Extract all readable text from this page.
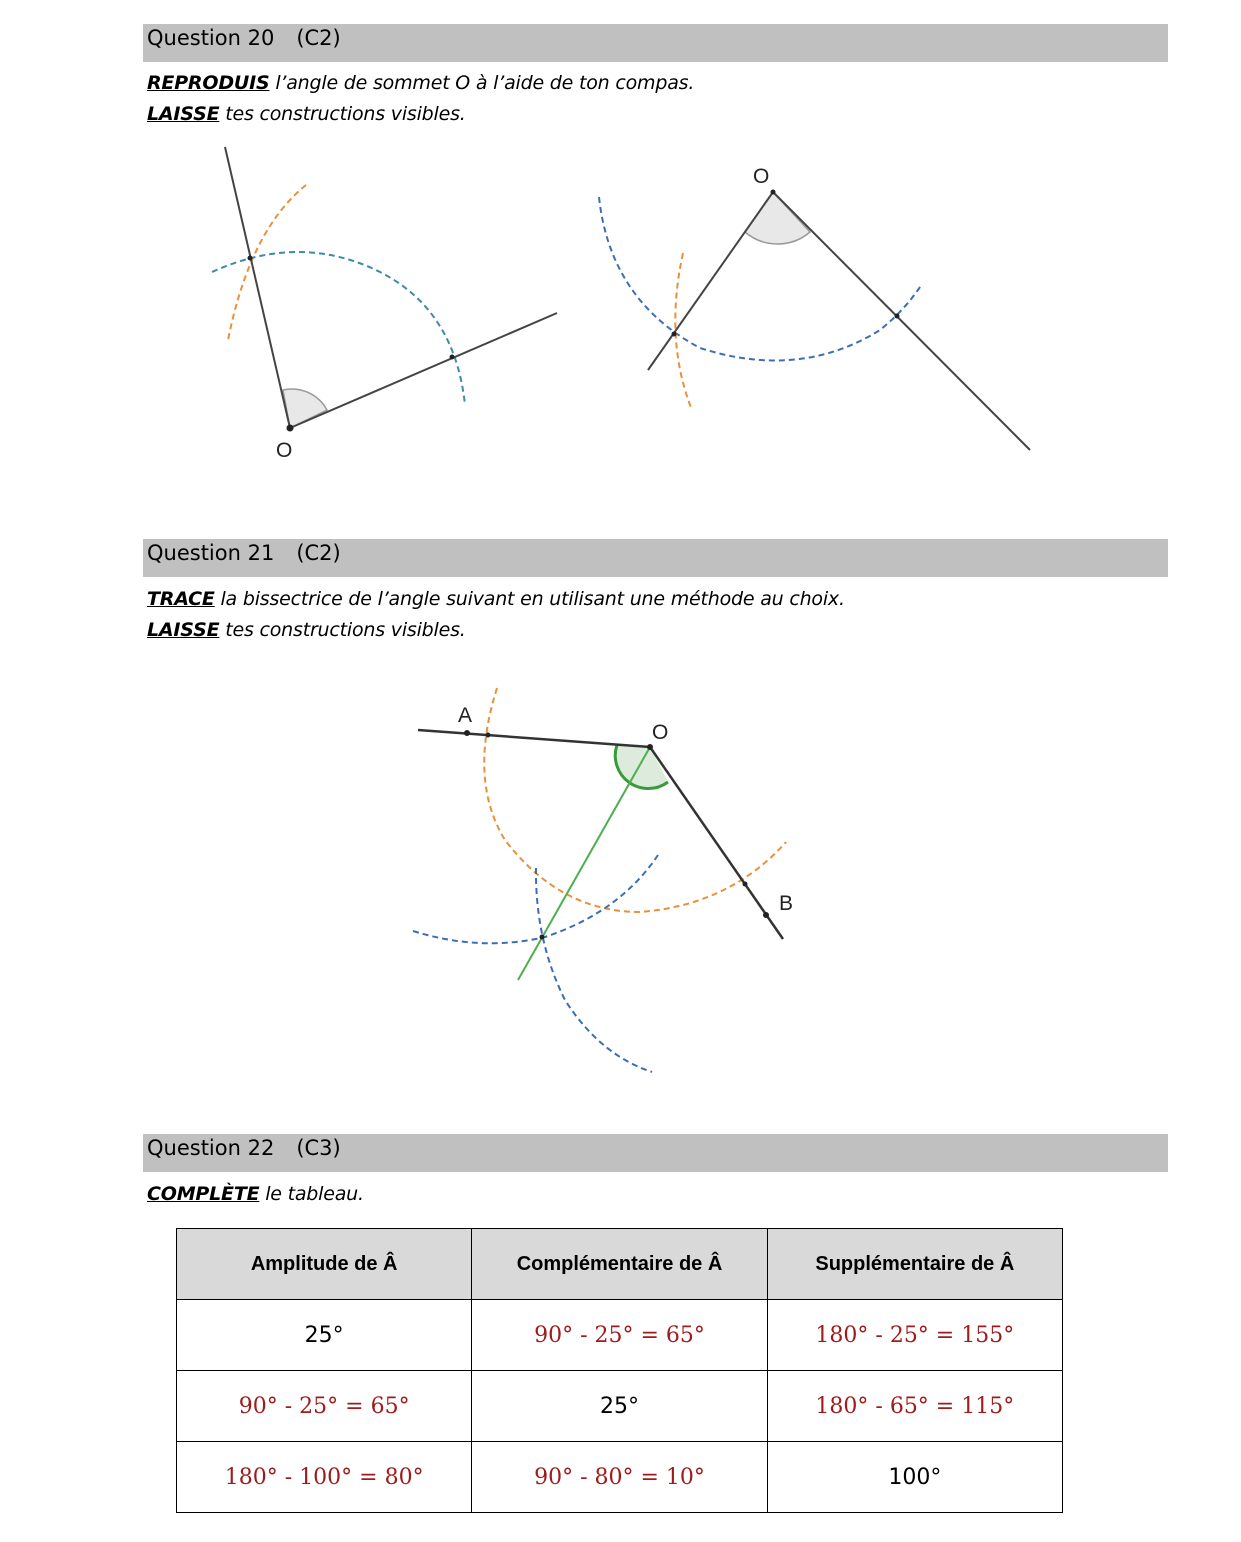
Question 20 (C2)
REPRODUIS l’angle de sommet O à l’aide de ton compas.
LAISSE tes constructions visibles.
O
O
Question 21 (C2)
TRACE la bissectrice de l’angle suivant en utilisant une méthode au choix.
LAISSE tes constructions visibles.
A
O
B
Question 22 (C3)
COMPLÈTE le tableau.
Amplitude de Â	Complémentaire de Â	Supplémentaire de Â
25°	90° - 25° = 65°	180° - 25° = 155°
90° - 25° = 65°	25°	180° - 65° = 115°
180° - 100° = 80°	90° - 80° = 10°	100°
